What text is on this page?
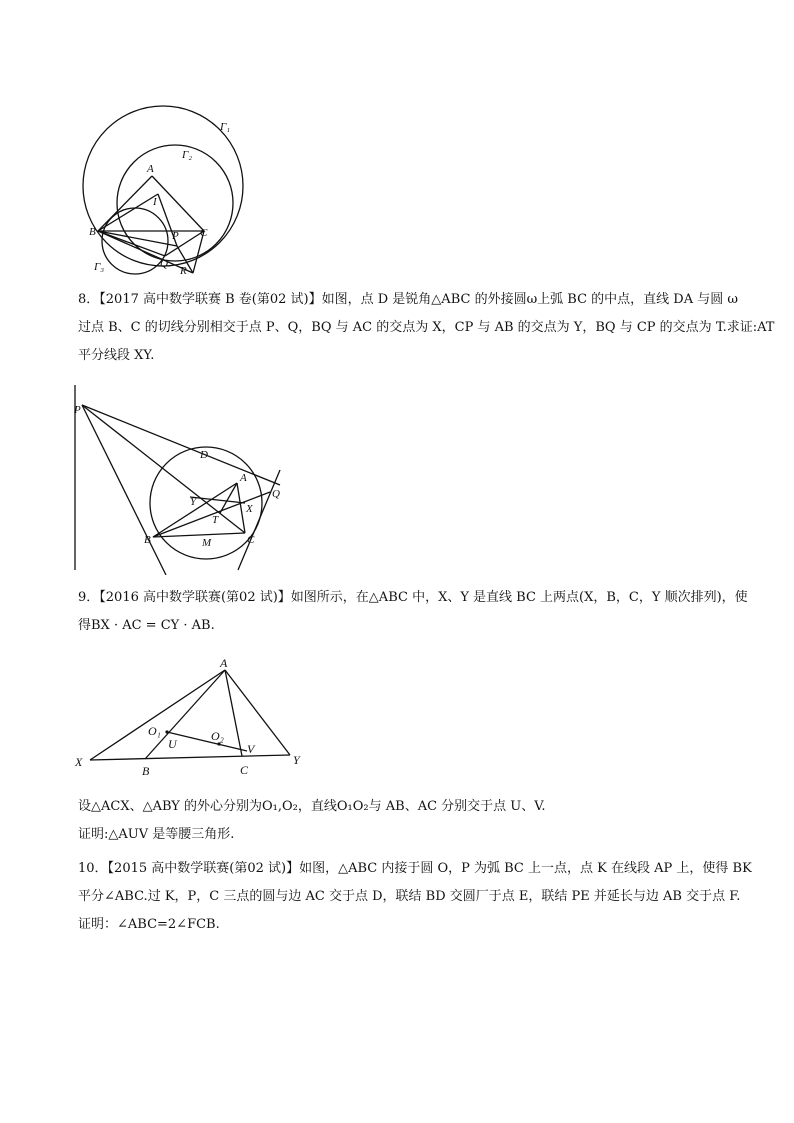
Γ₁
Γ₂
Γ₃
A
I
B	P C
Q
R
8．【2017 高中数学联赛 B 卷(第02 试)】如图，点 D 是锐角△ABC 的外接圆ω上弧 BC 的中点，直线 DA 与圆 ω
过点 B、C 的切线分别相交于点 P、Q，BQ 与 AC 的交点为 X，CP 与 AB 的交点为 Y，BQ 与 CP 的交点为 T.求证:AT
平分线段 XY.
P
D
A
Q
Y
X
T
B	M	C
9．【2016 高中数学联赛(第02 试)】如图所示，在△ABC 中，X、Y 是直线 BC 上两点(X，B，C，Y 顺次排列)，使
得BX · AC = CY · AB.
A
O₁	O₂
U	V
X
B	C
Y
设△ACX、△ABY 的外心分别为O₁,O₂，直线O₁O₂与 AB、AC 分别交于点 U、V.
证明:△AUV 是等腰三角形.
10．【2015 高中数学联赛(第02 试)】如图，△ABC 内接于圆 O，P 为弧 BC 上一点，点 K 在线段 AP 上，使得 BK
平分∠ABC.过 K，P，C 三点的圆与边 AC 交于点 D，联结 BD 交圆厂于点 E，联结 PE 并延长与边 AB 交于点 F.
证明：∠ABC=2∠FCB.
